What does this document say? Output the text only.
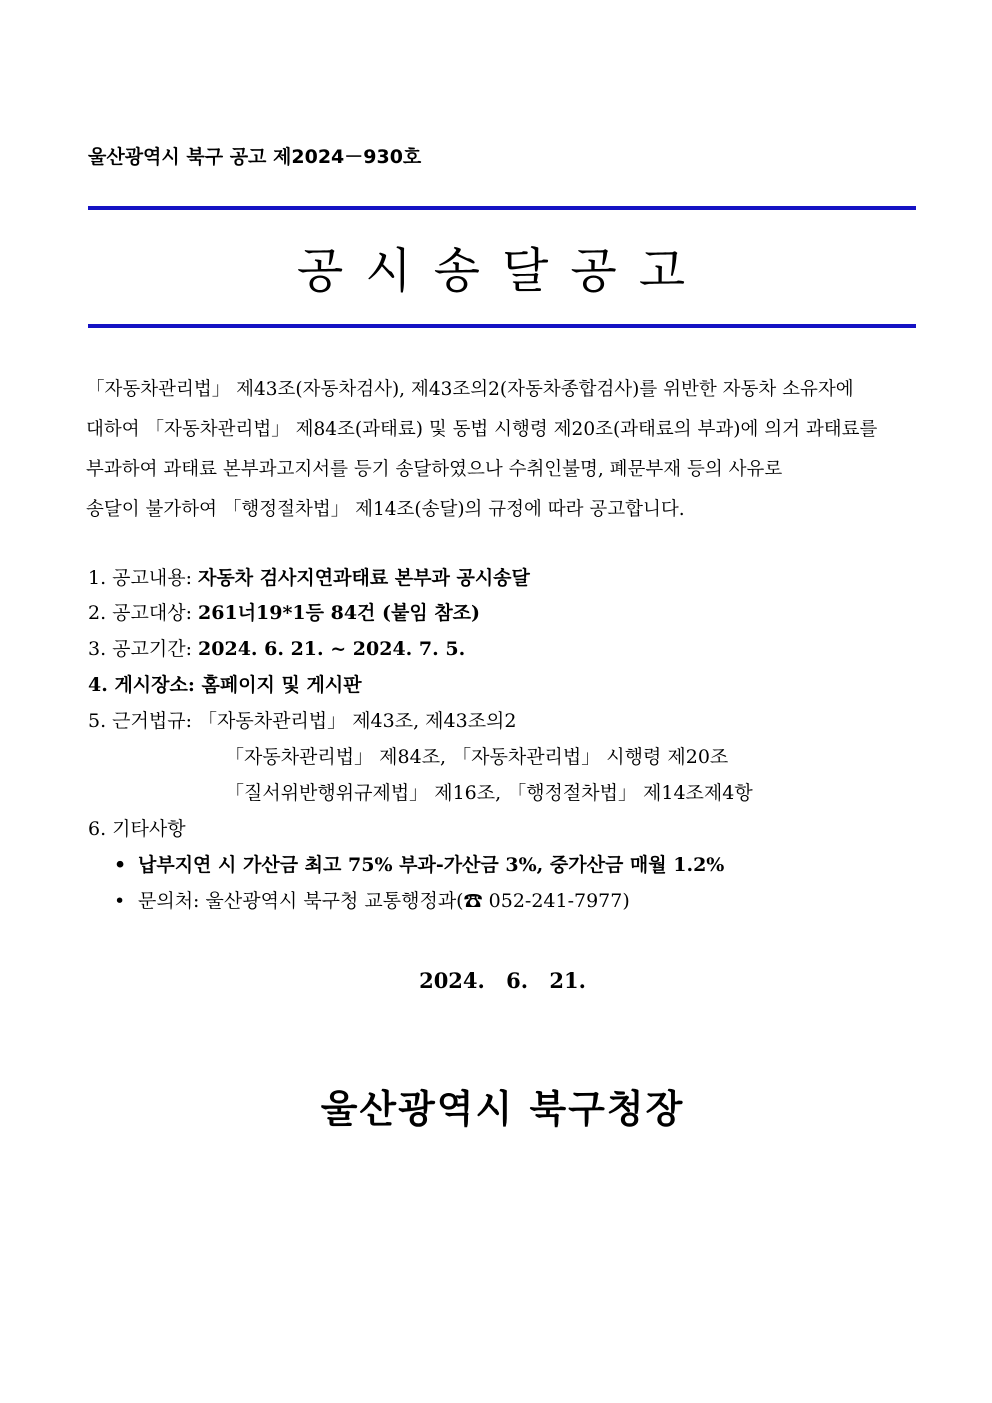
울산광역시 북구 공고 제2024－930호
공시송달공고

「자동차관리법」 제43조(자동차검사), 제43조의2(자동차종합검사)를 위반한 자동차 소유자에

대하여 「자동차관리법」 제84조(과태료) 및 동법 시행령 제20조(과태료의 부과)에 의거 과태료를

부과하여 과태료 본부과고지서를 등기 송달하였으나 수취인불명, 폐문부재 등의 사유로

송달이 불가하여 「행정절차법」 제14조(송달)의 규정에 따라 공고합니다.

1. 공고내용: 자동차 검사지연과태료 본부과 공시송달
2. 공고대상: 261너19*1등 84건 (붙임 참조)
3. 공고기간: 2024. 6. 21. ~ 2024. 7. 5.
4. 게시장소: 홈페이지 및 게시판
5. 근거법규: 「자동차관리법」 제43조, 제43조의2
「자동차관리법」 제84조, 「자동차관리법」 시행령 제20조
「질서위반행위규제법」 제16조, 「행정절차법」 제14조제4항
6. 기타사항
• 납부지연 시 가산금 최고 75% 부과-가산금 3%, 중가산금 매월 1.2%
• 문의처: 울산광역시 북구청 교통행정과(☎ 052-241-7977)
2024. 6. 21.
울산광역시 북구청장
